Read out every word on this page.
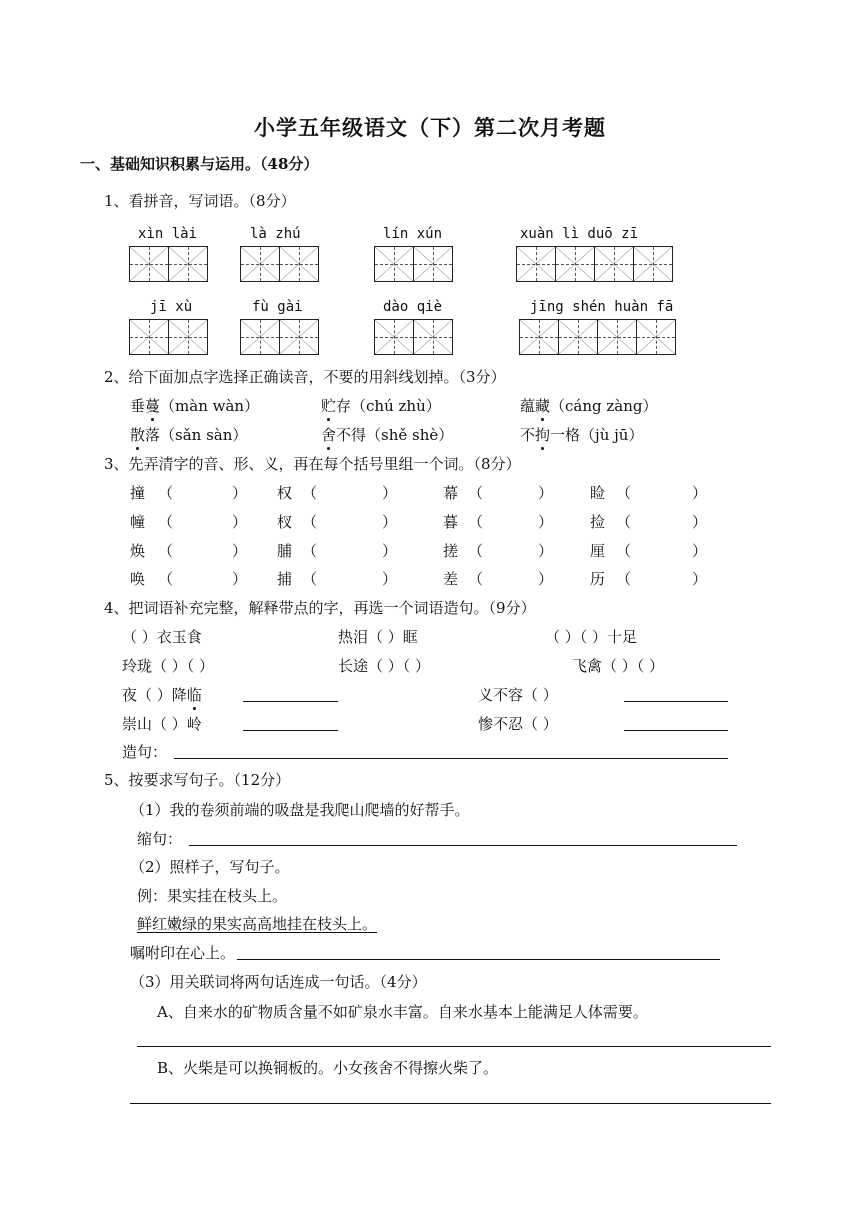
小学五年级语文（下）第二次月考题
一、基础知识积累与运用。（48分）
1、看拼音，写词语。（8分）
xìn lài	là zhú	lín xún	xuàn lì duō zī
jī xù	fù gài	dào qiè	jīng shén huàn fā
2、给下面加点字选择正确读音，不要的用斜线划掉。（3分）
垂蔓（màn wàn）	贮存（chú zhù）	蕴藏（cáng zàng）
散落（sǎn sàn）	舍不得（shě shè）	不拘一格（jù jū）
3、先弄清字的音、形、义，再在每个括号里组一个词。（8分）
撞 （	） 权 （	）	幕 （	） 睑 （	）
幢 （	） 杈 （	）	暮 （	） 捡 （	）
焕 （	） 脯 （	）	搓 （	） 厘 （	）
唤 （	） 捕 （	）	差 （	） 历 （	）
4、把词语补充完整，解释带点的字，再选一个词语造句。（9分）
（ ）衣玉食	热泪（ ）眶	（ ）（ ）十足
玲珑（ ）（ ）	长途（ ）（ ）	飞禽（ ）（ ）
夜（ ）降临	义不容（ ）
崇山（ ）岭	惨不忍（ ）
造句：
5、按要求写句子。（12分）
（1）我的卷须前端的吸盘是我爬山爬墙的好帮手。
缩句：
（2）照样子，写句子。
例：果实挂在枝头上。
鲜红嫩绿的果实高高地挂在枝头上。
嘱咐印在心上。
（3）用关联词将两句话连成一句话。（4分）
A、自来水的矿物质含量不如矿泉水丰富。自来水基本上能满足人体需要。
B、火柴是可以换铜板的。小女孩舍不得擦火柴了。
